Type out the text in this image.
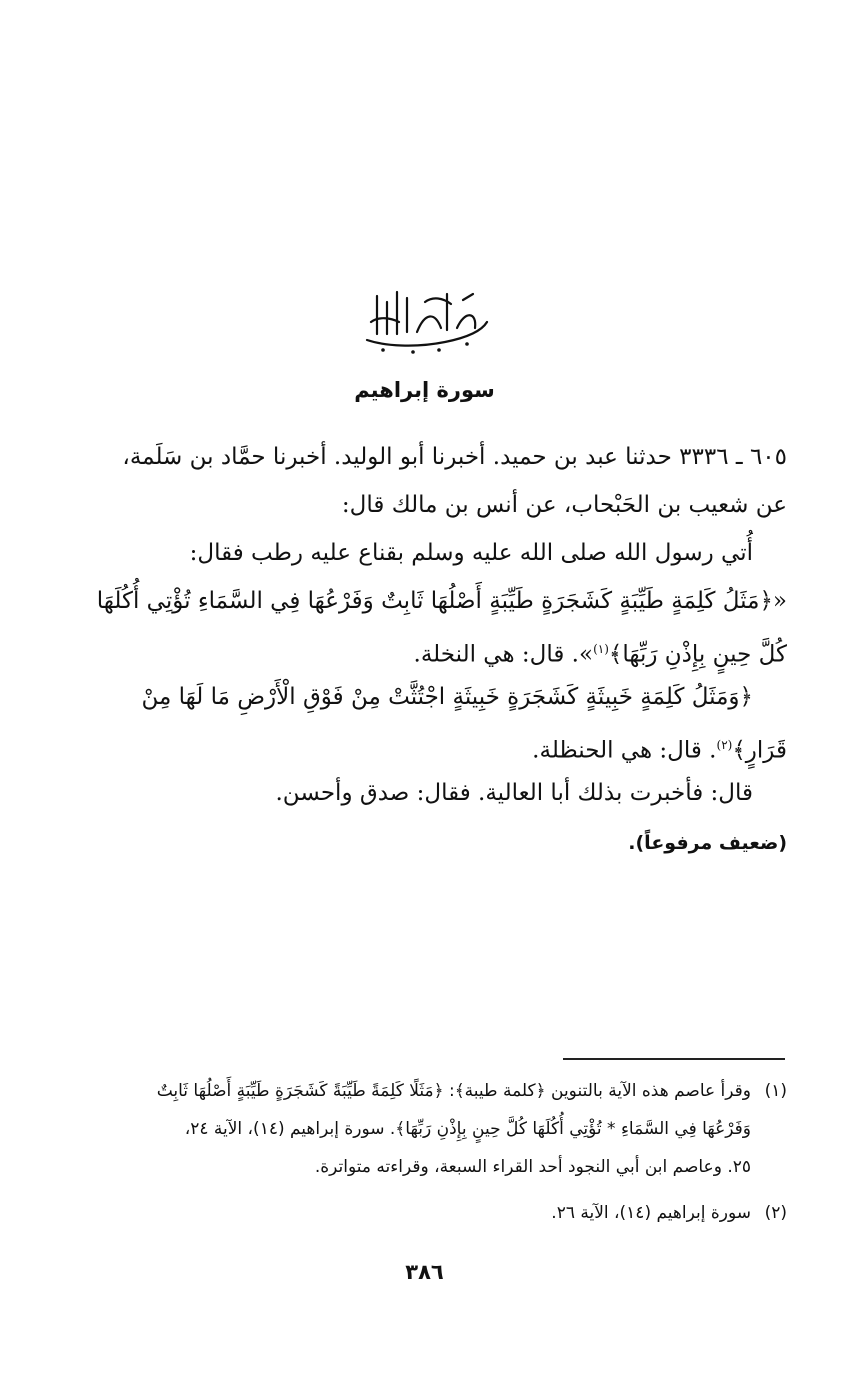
سورة إبراهيم
٦٠٥ ـ ٣٣٣٦ حدثنا عبد بن حميد. أخبرنا أبو الوليد. أخبرنا حمَّاد بن سَلَمة،
عن شعيب بن الحَبْحاب، عن أنس بن مالك قال:
أُتي رسول الله صلى الله عليه وسلم بقناع عليه رطب فقال:
«﴿مَثَلُ كَلِمَةٍ طَيِّبَةٍ كَشَجَرَةٍ طَيِّبَةٍ أَصْلُهَا ثَابِتٌ وَفَرْعُهَا فِي السَّمَاءِ تُؤْتِي أُكُلَهَا
كُلَّ حِينٍ بِإِذْنِ رَبِّهَا﴾$^{(١)}$». قال: هي النخلة.
﴿وَمَثَلُ كَلِمَةٍ خَبِيثَةٍ كَشَجَرَةٍ خَبِيثَةٍ اجْتُثَّتْ مِنْ فَوْقِ الْأَرْضِ مَا لَهَا مِنْ
قَرَارٍ﴾$^{(٢)}$. قال: هي الحنظلة.
قال: فأخبرت بذلك أبا العالية. فقال: صدق وأحسن.
(ضعيف مرفوعاً).
(١)وقرأ عاصم هذه الآية بالتنوين ﴿كلمة طيبة﴾: ﴿مَثَلًا كَلِمَةً طَيِّبَةً كَشَجَرَةٍ طَيِّبَةٍ أَصْلُهَا ثَابِتٌ
وَفَرْعُهَا فِي السَّمَاءِ * تُؤْتِي أُكُلَهَا كُلَّ حِينٍ بِإِذْنِ رَبِّهَا﴾. سورة إبراهيم (١٤)، الآية ٢٤،
٢٥. وعاصم ابن أبي النجود أحد القراء السبعة، وقراءته متواترة.
(٢)سورة إبراهيم (١٤)، الآية ٢٦.
٣٨٦
